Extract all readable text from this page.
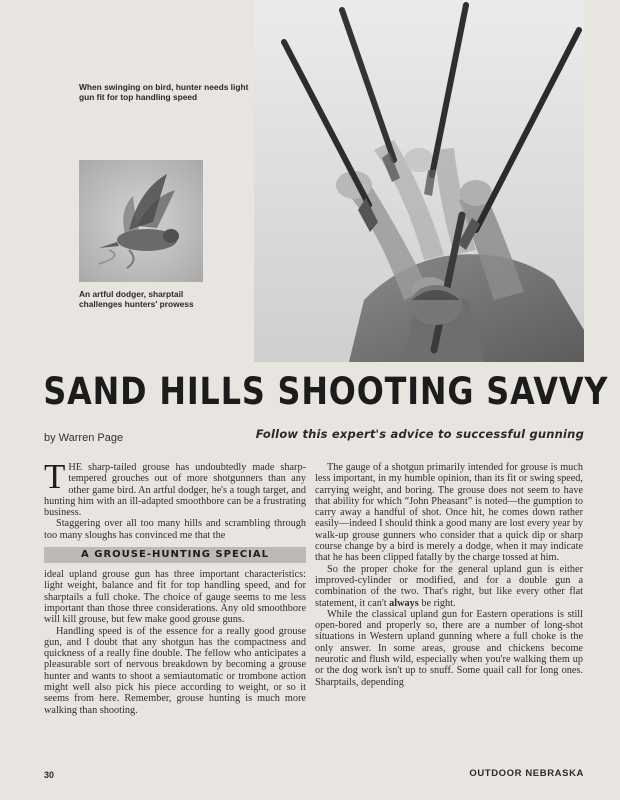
When swinging on bird, hunter needs light gun fit for top handling speed
An artful dodger, sharptail challenges hunters' prowess
SAND HILLS SHOOTING SAVVY
by Warren Page	Follow this expert's advice to successful gunning

THE sharp-tailed grouse has undoubtedly made sharp-tempered grouches out of more shotgunners than any other game bird. An artful dodger, he's a tough target, and hunting him with an ill-adapted smoothbore can be a frustrating business.

Staggering over all too many hills and scrambling through too many sloughs has convinced me that the

A GROUSE-HUNTING SPECIAL

ideal upland grouse gun has three important characteristics: light weight, balance and fit for top handling speed, and for sharptails a full choke. The choice of gauge seems to me less important than those three considerations. Any old smoothbore will kill grouse, but few make good grouse guns.

Handling speed is of the essence for a really good grouse gun, and I doubt that any shotgun has the compactness and quickness of a really fine double. The fellow who anticipates a pleasurable sort of nervous breakdown by becoming a grouse hunter and wants to shoot a semiautomatic or trombone action might well also pick his piece according to weight, or so it seems from here. Remember, grouse hunting is much more walking than shooting.

The gauge of a shotgun primarily intended for grouse is much less important, in my humble opinion, than its fit or swing speed, carrying weight, and boring. The grouse does not seem to have that ability for which “John Pheasant” is noted—the gumption to carry away a handful of shot. Once hit, he comes down rather easily—indeed I should think a good many are lost every year by walk-up grouse gunners who consider that a quick dip or sharp course change by a bird is merely a dodge, when it may indicate that he has been clipped fatally by the charge tossed at him.

So the proper choke for the general upland gun is either improved-cylinder or modified, and for a double gun a combination of the two. That's right, but like every other flat statement, it can't always be right.

While the classical upland gun for Eastern operations is still open-bored and properly so, there are a number of long-shot situations in Western upland gunning where a full choke is the only answer. In some areas, grouse and chickens become neurotic and flush wild, especially when you're walking them up or the dog work isn't up to snuff. Some quail call for long ones. Sharptails, depending

30	OUTDOOR NEBRASKA
